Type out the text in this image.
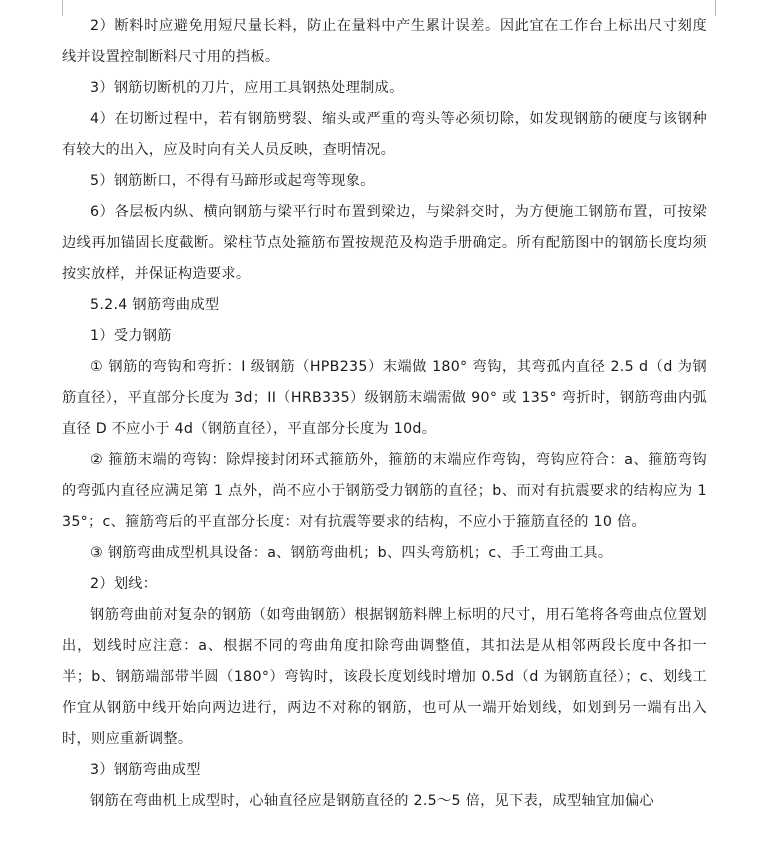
2）断料时应避免用短尺量长料，防止在量料中产生累计误差。因此宜在工作台上标出尺寸刻度线并设置控制断料尺寸用的挡板。

3）钢筋切断机的刀片，应用工具钢热处理制成。

4）在切断过程中，若有钢筋劈裂、缩头或严重的弯头等必须切除，如发现钢筋的硬度与该钢种有较大的出入，应及时向有关人员反映，查明情况。

5）钢筋断口，不得有马蹄形或起弯等现象。

6）各层板内纵、横向钢筋与梁平行时布置到梁边，与梁斜交时，为方便施工钢筋布置，可按梁边线再加锚固长度截断。梁柱节点处箍筋布置按规范及构造手册确定。所有配筋图中的钢筋长度均须按实放样，并保证构造要求。

5.2.4 钢筋弯曲成型

1）受力钢筋

① 钢筋的弯钩和弯折：I 级钢筋（HPB235）末端做 180° 弯钩，其弯孤内直径 2.5 d（d 为钢筋直径），平直部分长度为 3d；II（HRB335）级钢筋末端需做 90° 或 135° 弯折时，钢筋弯曲内弧直径 D 不应小于 4d（钢筋直径），平直部分长度为 10d。

② 箍筋末端的弯钩：除焊接封闭环式箍筋外，箍筋的末端应作弯钩，弯钩应符合：a、箍筋弯钩的弯弧内直径应满足第 1 点外，尚不应小于钢筋受力钢筋的直径；b、而对有抗震要求的结构应为 135°；c、箍筋弯后的平直部分长度：对有抗震等要求的结构，不应小于箍筋直径的 10 倍。

③ 钢筋弯曲成型机具设备：a、钢筋弯曲机；b、四头弯筋机；c、手工弯曲工具。

2）划线：

钢筋弯曲前对复杂的钢筋（如弯曲钢筋）根据钢筋料牌上标明的尺寸，用石笔将各弯曲点位置划出，划线时应注意：a、根据不同的弯曲角度扣除弯曲调整值，其扣法是从相邻两段长度中各扣一半；b、钢筋端部带半圆（180°）弯钩时，该段长度划线时增加 0.5d（d 为钢筋直径）；c、划线工作宜从钢筋中线开始向两边进行，两边不对称的钢筋，也可从一端开始划线，如划到另一端有出入时，则应重新调整。

3）钢筋弯曲成型

钢筋在弯曲机上成型时，心轴直径应是钢筋直径的 2.5～5 倍，见下表，成型轴宜加偏心
